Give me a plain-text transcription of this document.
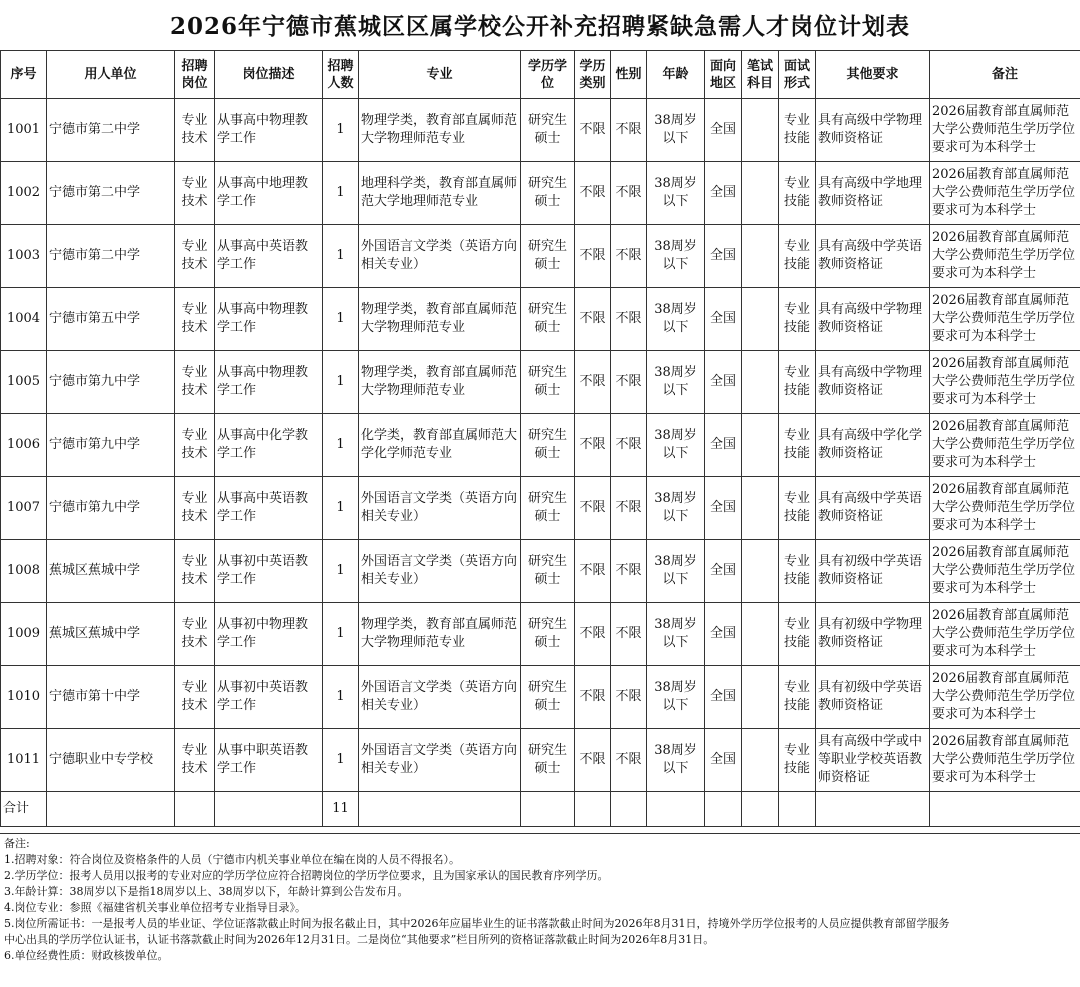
2026年宁德市蕉城区区属学校公开补充招聘紧缺急需人才岗位计划表
序号	用人单位	招聘岗位	岗位描述	招聘人数	专业	学历学位	学历类别	性别	年龄	面向地区	笔试科目	面试形式	其他要求	备注
1001	宁德市第二中学	专业技术	从事高中物理教学工作	1	物理学类，教育部直属师范大学物理师范专业	研究生硕士	不限	不限	38周岁以下	全国		专业技能	具有高级中学物理教师资格证	2026届教育部直属师范大学公费师范生学历学位要求可为本科学士
1002	宁德市第二中学	专业技术	从事高中地理教学工作	1	地理科学类，教育部直属师范大学地理师范专业	研究生硕士	不限	不限	38周岁以下	全国		专业技能	具有高级中学地理教师资格证	2026届教育部直属师范大学公费师范生学历学位要求可为本科学士
1003	宁德市第二中学	专业技术	从事高中英语教学工作	1	外国语言文学类（英语方向相关专业）	研究生硕士	不限	不限	38周岁以下	全国		专业技能	具有高级中学英语教师资格证	2026届教育部直属师范大学公费师范生学历学位要求可为本科学士
1004	宁德市第五中学	专业技术	从事高中物理教学工作	1	物理学类，教育部直属师范大学物理师范专业	研究生硕士	不限	不限	38周岁以下	全国		专业技能	具有高级中学物理教师资格证	2026届教育部直属师范大学公费师范生学历学位要求可为本科学士
1005	宁德市第九中学	专业技术	从事高中物理教学工作	1	物理学类，教育部直属师范大学物理师范专业	研究生硕士	不限	不限	38周岁以下	全国		专业技能	具有高级中学物理教师资格证	2026届教育部直属师范大学公费师范生学历学位要求可为本科学士
1006	宁德市第九中学	专业技术	从事高中化学教学工作	1	化学类，教育部直属师范大学化学师范专业	研究生硕士	不限	不限	38周岁以下	全国		专业技能	具有高级中学化学教师资格证	2026届教育部直属师范大学公费师范生学历学位要求可为本科学士
1007	宁德市第九中学	专业技术	从事高中英语教学工作	1	外国语言文学类（英语方向相关专业）	研究生硕士	不限	不限	38周岁以下	全国		专业技能	具有高级中学英语教师资格证	2026届教育部直属师范大学公费师范生学历学位要求可为本科学士
1008	蕉城区蕉城中学	专业技术	从事初中英语教学工作	1	外国语言文学类（英语方向相关专业）	研究生硕士	不限	不限	38周岁以下	全国		专业技能	具有初级中学英语教师资格证	2026届教育部直属师范大学公费师范生学历学位要求可为本科学士
1009	蕉城区蕉城中学	专业技术	从事初中物理教学工作	1	物理学类，教育部直属师范大学物理师范专业	研究生硕士	不限	不限	38周岁以下	全国		专业技能	具有初级中学物理教师资格证	2026届教育部直属师范大学公费师范生学历学位要求可为本科学士
1010	宁德市第十中学	专业技术	从事初中英语教学工作	1	外国语言文学类（英语方向相关专业）	研究生硕士	不限	不限	38周岁以下	全国		专业技能	具有初级中学英语教师资格证	2026届教育部直属师范大学公费师范生学历学位要求可为本科学士
1011	宁德职业中专学校	专业技术	从事中职英语教学工作	1	外国语言文学类（英语方向相关专业）	研究生硕士	不限	不限	38周岁以下	全国		专业技能	具有高级中学或中等职业学校英语教师资格证	2026届教育部直属师范大学公费师范生学历学位要求可为本科学士
合计				11										
备注:
1.招聘对象：符合岗位及资格条件的人员（宁德市内机关事业单位在编在岗的人员不得报名）。
2.学历学位：报考人员用以报考的专业对应的学历学位应符合招聘岗位的学历学位要求，且为国家承认的国民教育序列学历。
3.年龄计算：38周岁以下是指18周岁以上、38周岁以下，年龄计算到公告发布月。
4.岗位专业：参照《福建省机关事业单位招考专业指导目录》。
5.岗位所需证书：一是报考人员的毕业证、学位证落款截止时间为报名截止日，其中2026年应届毕业生的证书落款截止时间为2026年8月31日，持境外学历学位报考的人员应提供教育部留学服务
中心出具的学历学位认证书，认证书落款截止时间为2026年12月31日。二是岗位“其他要求”栏目所列的资格证落款截止时间为2026年8月31日。
6.单位经费性质：财政核拨单位。
